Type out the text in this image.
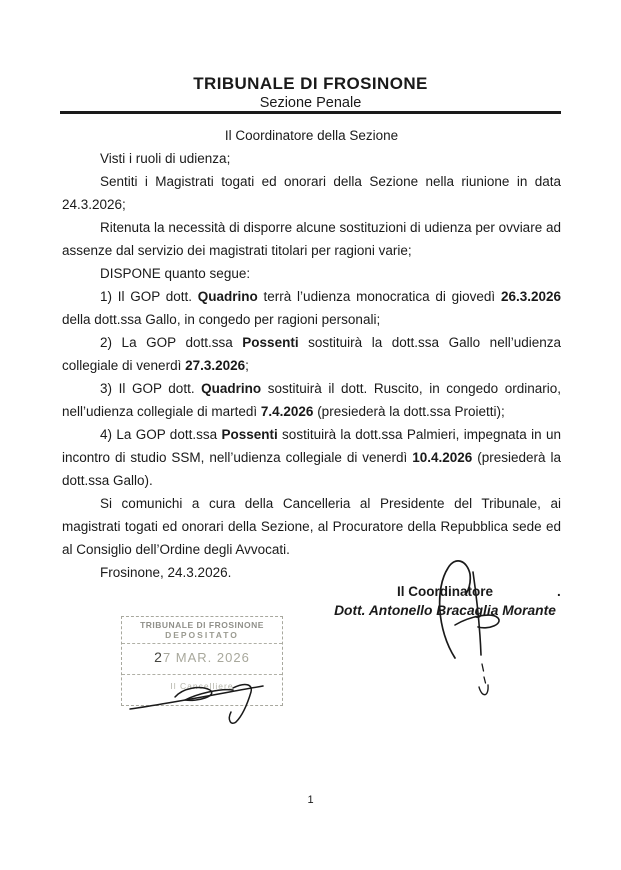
TRIBUNALE DI FROSINONE
Sezione Penale

Il Coordinatore della Sezione

Visti i ruoli di udienza;

Sentiti i Magistrati togati ed onorari della Sezione nella riunione in data 24.3.2026;

Ritenuta la necessità di disporre alcune sostituzioni di udienza per ovviare ad assenze dal servizio dei magistrati titolari per ragioni varie;

DISPONE quanto segue:

1) Il GOP dott. Quadrino terrà l’udienza monocratica di giovedì 26.3.2026 della dott.ssa Gallo, in congedo per ragioni personali;

2) La GOP dott.ssa Possenti sostituirà la dott.ssa Gallo nell’udienza collegiale di venerdì 27.3.2026;

3) Il GOP dott. Quadrino sostituirà il dott. Ruscito, in congedo ordinario, nell’udienza collegiale di martedì 7.4.2026 (presiederà la dott.ssa Proietti);

4) La GOP dott.ssa Possenti sostituirà la dott.ssa Palmieri, impegnata in un incontro di studio SSM, nell’udienza collegiale di venerdì 10.4.2026 (presiederà la dott.ssa Gallo).

Si comunichi a cura della Cancelleria al Presidente del Tribunale, ai magistrati togati ed onorari della Sezione, al Procuratore della Repubblica sede ed al Consiglio dell’Ordine degli Avvocati.

Frosinone, 24.3.2026.

Il Coordinatore
Dott. Antonello Bracaglia Morante
.
TRIBUNALE DI FROSINONE
DEPOSITATO
27 MAR. 2026
Il Cancelliere
1
